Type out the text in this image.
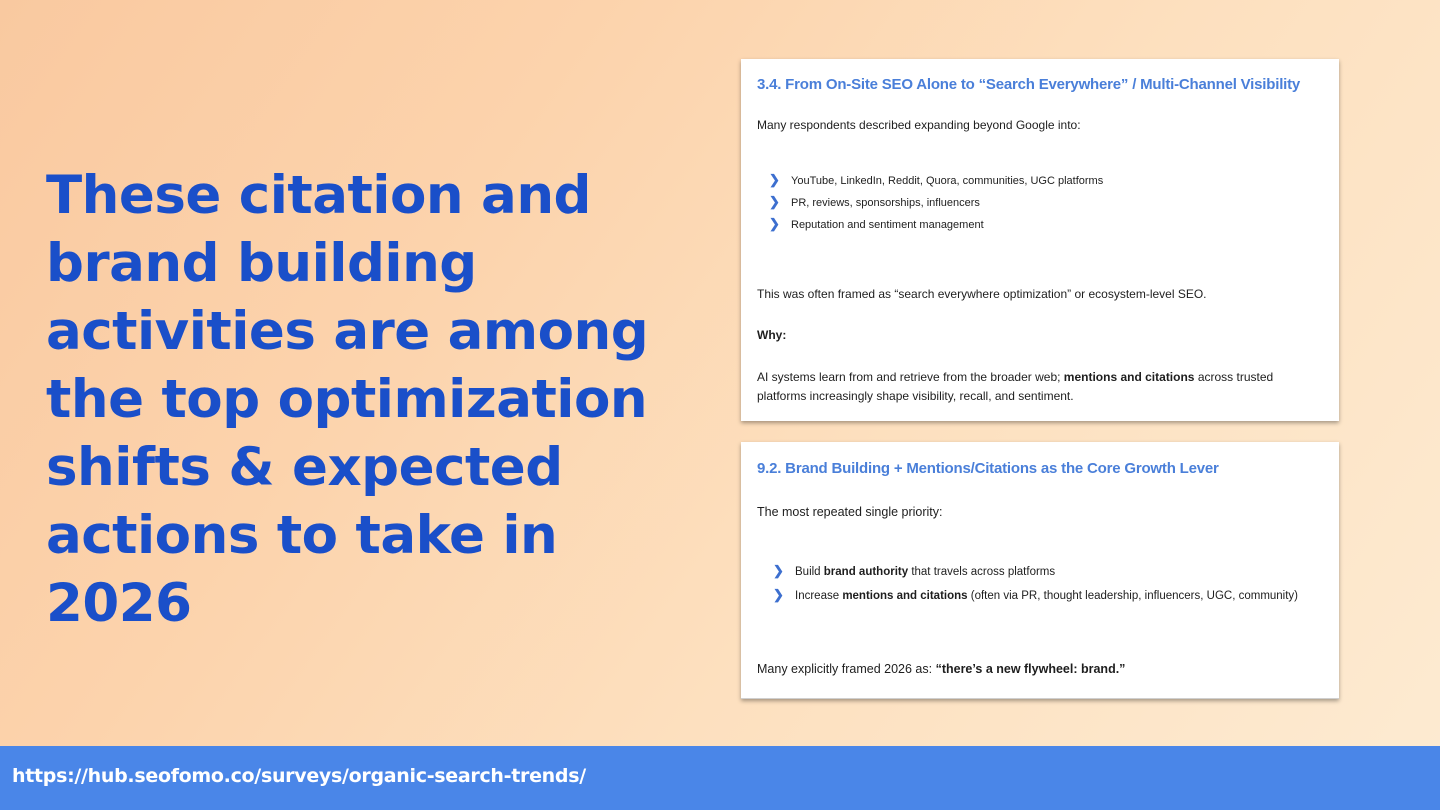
These citation and brand building activities are among the top optimization shifts & expected actions to take in 2026
3.4. From On-Site SEO Alone to “Search Everywhere” / Multi-Channel Visibility

Many respondents described expanding beyond Google into:

❯ YouTube, LinkedIn, Reddit, Quora, communities, UGC platforms
❯ PR, reviews, sponsorships, influencers
❯ Reputation and sentiment management

This was often framed as “search everywhere optimization” or ecosystem-level SEO.

Why:

AI systems learn from and retrieve from the broader web; mentions and citations across trusted platforms increasingly shape visibility, recall, and sentiment.

9.2. Brand Building + Mentions/Citations as the Core Growth Lever

The most repeated single priority:

❯ Build brand authority that travels across platforms
❯ Increase mentions and citations (often via PR, thought leadership, influencers, UGC, community)

Many explicitly framed 2026 as: “there’s a new flywheel: brand.”

https://hub.seofomo.co/surveys/organic-search-trends/
